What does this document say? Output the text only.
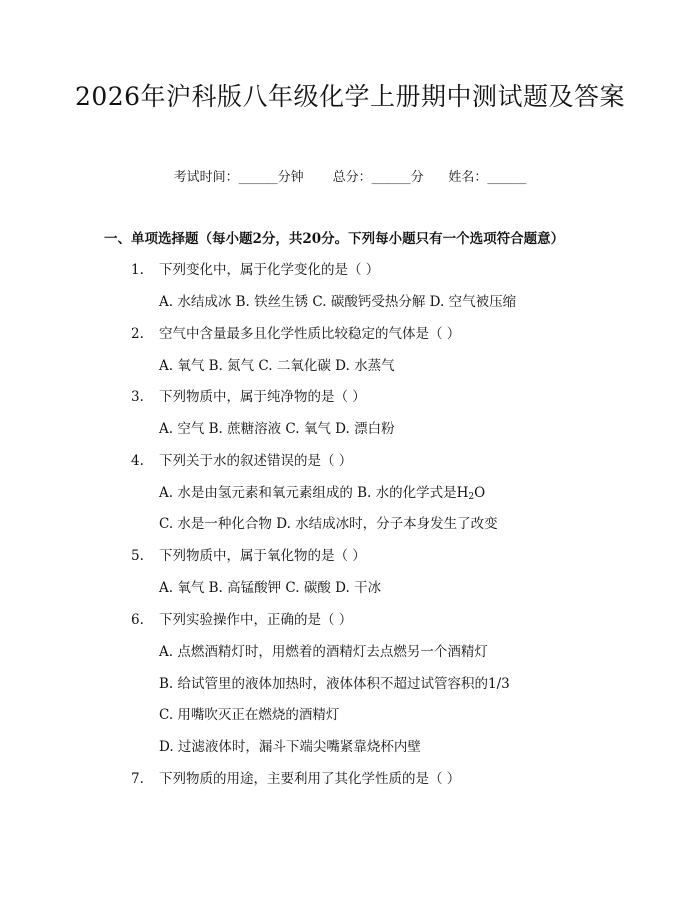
2026年沪科版八年级化学上册期中测试题及答案
考试时间：______分钟 总分：______分 姓名：______
一、单项选择题（每小题2分，共20分。下列每小题只有一个选项符合题意）
1. 下列变化中，属于化学变化的是（ ）
A. 水结成冰 B. 铁丝生锈 C. 碳酸钙受热分解 D. 空气被压缩
2. 空气中含量最多且化学性质比较稳定的气体是（ ）
A. 氧气 B. 氮气 C. 二氧化碳 D. 水蒸气
3. 下列物质中，属于纯净物的是（ ）
A. 空气 B. 蔗糖溶液 C. 氧气 D. 漂白粉
4. 下列关于水的叙述错误的是（ ）
A. 水是由氢元素和氧元素组成的 B. 水的化学式是$H_2O$
C. 水是一种化合物 D. 水结成冰时，分子本身发生了改变
5. 下列物质中，属于氧化物的是（ ）
A. 氧气 B. 高锰酸钾 C. 碳酸 D. 干冰
6. 下列实验操作中，正确的是（ ）
A. 点燃酒精灯时，用燃着的酒精灯去点燃另一个酒精灯
B. 给试管里的液体加热时，液体体积不超过试管容积的1/3
C. 用嘴吹灭正在燃烧的酒精灯
D. 过滤液体时，漏斗下端尖嘴紧靠烧杯内壁
7. 下列物质的用途，主要利用了其化学性质的是（ ）
